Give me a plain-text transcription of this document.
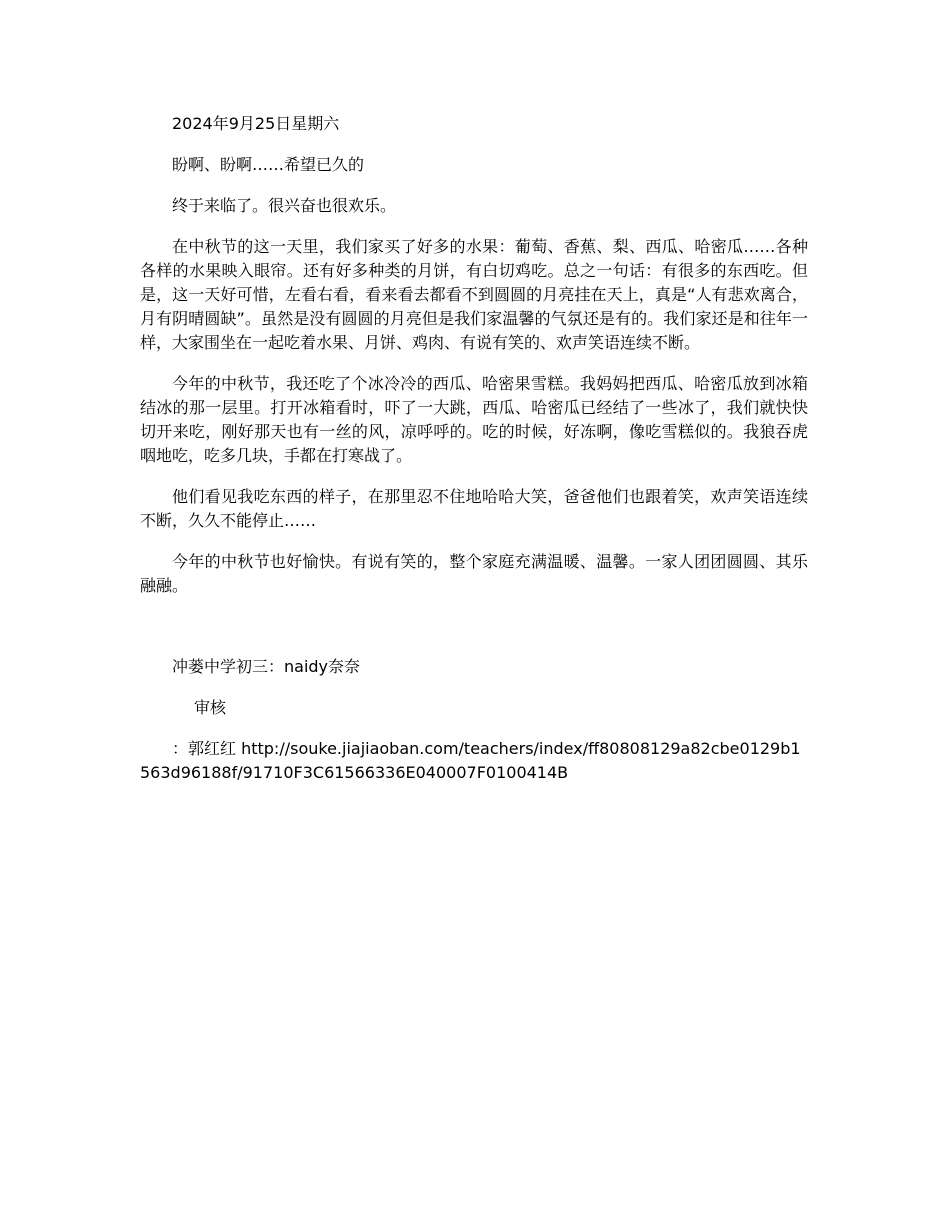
2024年9月25日星期六

盼啊、盼啊……希望已久的

终于来临了。很兴奋也很欢乐。

在中秋节的这一天里，我们家买了好多的水果：葡萄、香蕉、梨、西瓜、哈密瓜……各种各样的水果映入眼帘。还有好多种类的月饼，有白切鸡吃。总之一句话：有很多的东西吃。但是，这一天好可惜，左看右看，看来看去都看不到圆圆的月亮挂在天上，真是“人有悲欢离合，月有阴晴圆缺”。虽然是没有圆圆的月亮但是我们家温馨的气氛还是有的。我们家还是和往年一样，大家围坐在一起吃着水果、月饼、鸡肉、有说有笑的、欢声笑语连续不断。

今年的中秋节，我还吃了个冰冷冷的西瓜、哈密果雪糕。我妈妈把西瓜、哈密瓜放到冰箱结冰的那一层里。打开冰箱看时，吓了一大跳，西瓜、哈密瓜已经结了一些冰了，我们就快快切开来吃，刚好那天也有一丝的风，凉呼呼的。吃的时候，好冻啊，像吃雪糕似的。我狼吞虎咽地吃，吃多几块，手都在打寒战了。

他们看见我吃东西的样子，在那里忍不住地哈哈大笑，爸爸他们也跟着笑，欢声笑语连续不断，久久不能停止……

今年的中秋节也好愉快。有说有笑的，整个家庭充满温暖、温馨。一家人团团圆圆、其乐融融。

冲蒌中学初三：naidy奈奈

审核

：郭红红 http://souke.jiajiaoban.com/teachers/index/ff80808129a82cbe0129b1563d96188f/91710F3C61566336E040007F0100414B
